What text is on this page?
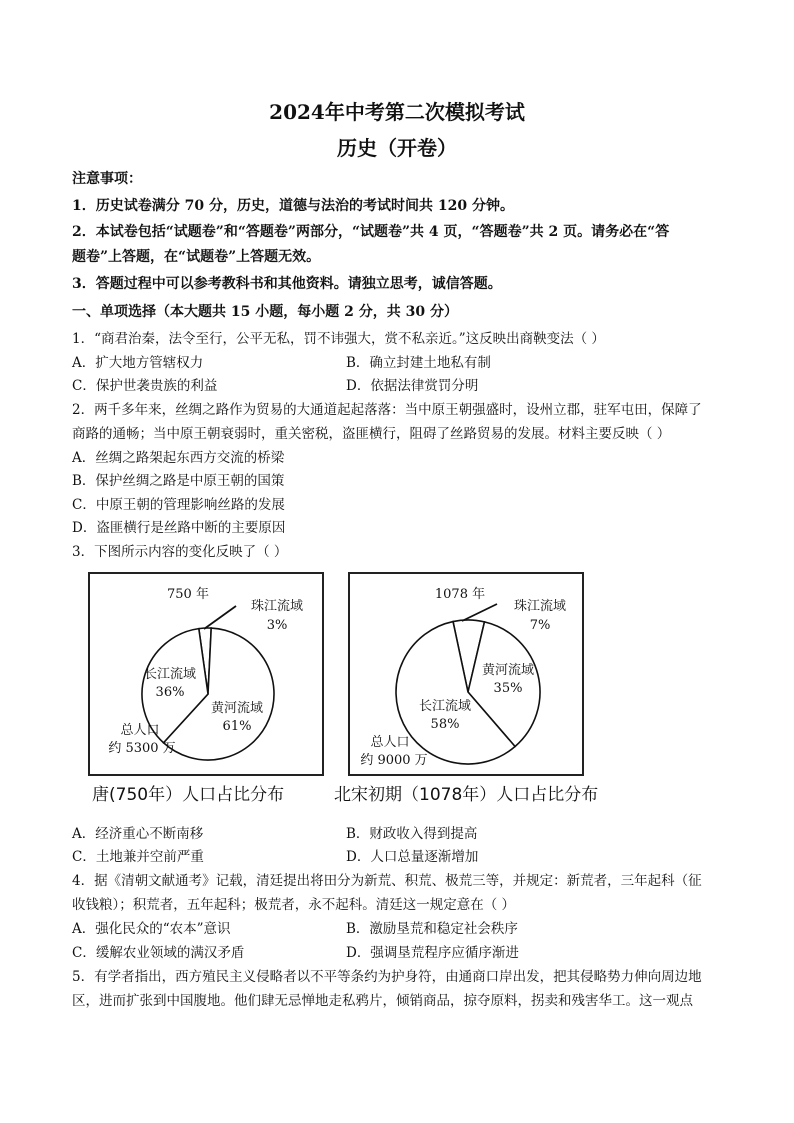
2024年中考第二次模拟考试
历史（开卷）
注意事项：
1．历史试卷满分 70 分，历史，道德与法治的考试时间共 120 分钟。
2．本试卷包括“试题卷”和“答题卷”两部分，“试题卷”共 4 页，“答题卷”共 2 页。请务必在“答
题卷”上答题，在“试题卷”上答题无效。
3．答题过程中可以参考教科书和其他资料。请独立思考，诚信答题。
一、单项选择（本大题共 15 小题，每小题 2 分，共 30 分）
1．“商君治秦，法令至行，公平无私，罚不讳强大，赏不私亲近。”这反映出商鞅变法（ ）
A．扩大地方管辖权力	B．确立封建土地私有制
C．保护世袭贵族的利益	D．依据法律赏罚分明
2．两千多年来，丝绸之路作为贸易的大通道起起落落：当中原王朝强盛时，设州立郡，驻军屯田，保障了
商路的通畅；当中原王朝衰弱时，重关密税，盗匪横行，阻碍了丝路贸易的发展。材料主要反映（ ）
A．丝绸之路架起东西方交流的桥梁
B．保护丝绸之路是中原王朝的国策
C．中原王朝的管理影响丝路的发展
D．盗匪横行是丝路中断的主要原因
3．下图所示内容的变化反映了（ ）
黄河流域
61%
长江流域
36%
珠江流域
3%
750 年
总人口
约 5300 万
唐(750年）人口占比分布
黄河流域
35%
长江流域
58%
珠江流域
7%
1078 年
总人口
约 9000 万
北宋初期（1078年）人口占比分布
A．经济重心不断南移	B．财政收入得到提高
C．土地兼并空前严重	D．人口总量逐渐增加
4．据《清朝文献通考》记载，清廷提出将田分为新荒、积荒、极荒三等，并规定：新荒者，三年起科（征
收钱粮）；积荒者，五年起科；极荒者，永不起科。清廷这一规定意在（ ）
A．强化民众的“农本”意识	B．激励垦荒和稳定社会秩序
C．缓解农业领域的满汉矛盾	D．强调垦荒程序应循序渐进
5．有学者指出，西方殖民主义侵略者以不平等条约为护身符，由通商口岸出发，把其侵略势力伸向周边地
区，进而扩张到中国腹地。他们肆无忌惮地走私鸦片，倾销商品，掠夺原料，拐卖和残害华工。这一观点
